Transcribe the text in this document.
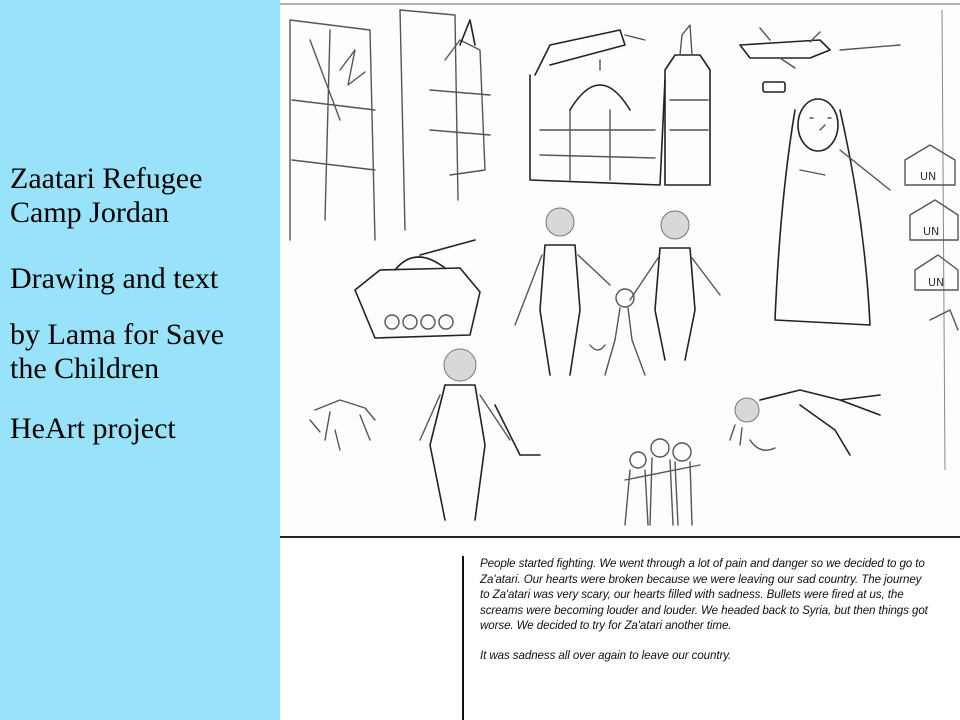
Zaatari Refugee
Camp Jordan
Drawing and text
by Lama for Save
the Children
HeArt project
UN
UN
UN

People started fighting. We went through a lot of pain and danger so we decided to go to Za'atari. Our hearts were broken because we were leaving our sad country. The journey to Za'atari was very scary, our hearts filled with sadness. Bullets were fired at us, the screams were becoming louder and louder. We headed back to Syria, but then things got worse. We decided to try for Za'atari another time.

It was sadness all over again to leave our country.
